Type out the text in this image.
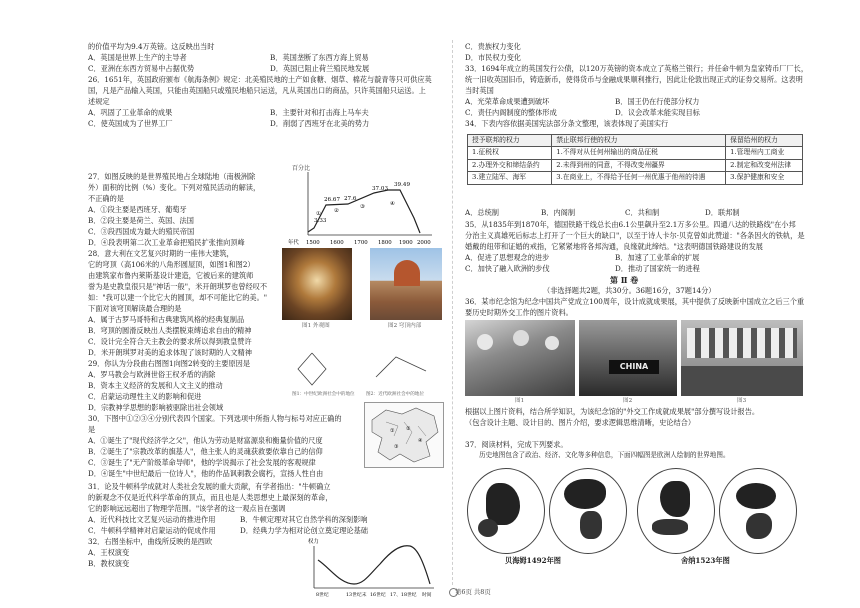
的价值平均为9.4万英镑。这反映出当时
A．英国是世界上生产的主导者	B．英国垄断了东西方海上贸易
C．亚洲在东西方贸易中占据优势	D．英国已阻止荷兰殖民地发展
26．1651年，英国政府颁布《航海条例》规定：北美殖民地的土产如食糖、烟草、棉花与靛青等只可供应英
国，凡是产品输入英国，只能由英国船只或殖民地船只运送，凡从英国出口的商品，只许英国船只运送。上
述规定
A．巩固了工业革命的成果	B．主要针对和打击海上马车夫
C．使英国成为了世界工厂	D．削弱了西班牙在北美的势力
27．如图反映的是世界殖民地占全球陆地（南极洲除
外）面积的比例（%）变化。下列对殖民活动的解读，
不正确的是
A．①段主要是西班牙、葡萄牙
B．②段主要是荷兰、英国、法国
C．③段西国成为最大的殖民帝国
D．④段表明第二次工业革命把殖民扩张推向顶峰
百分比
3.33
26.67 27.6
37.03
39.49
① ②
③	④
年代 1500 1600 1700 1800 1900 2000
28．意大利在文艺复兴时期的一座伟大建筑，
它的穹顶（高106米的八角形圆屋顶，如图1和图2）
由建筑家布鲁内莱斯基设计建造，它被后来的建筑师
誉为是史教皇很只是"神话一般"，米开朗琪罗也曾经叹不
如："我可以建一个比它大的圆顶，却不可能比它的美。"
下面对该穹顶解读最合理的是
A．属于古罗马哥特和古典建筑风格的经典复制品
B．穹顶的圆滑反映出人类摆脱束缚追求自由的精神
C．设计完全符合天主教会的要求所以得到教皇赞许
D．米开朗琪罗对美的追求体现了该时期的人文精神
图1 外观图	图2 穹顶内部
29．你认为分段曲右图图1向图2转变的主要原因是
A．罗马教会与欧洲世俗王权矛盾的消除
B．资本主义经济的发展和人文主义的推动
C．启蒙运动理性主义的影响和促进
D．宗教神学思想的影响被驱除出社会领域
图1：中世纪欧洲社会中的地位 图2：近代欧洲社会中的地位
30．下图中①②③④分别代表四个国家。下列选项中所指人物与标号对应正确的
是
A．①诞生了"现代经济学之父"，他认为劳动是财富源泉和衡量价值的尺度
B．②诞生了"宗教改革的旗基人"，他主张人的灵魂获救要依靠自己的信仰
C．③诞生了"无产阶级革命导师"，他的学说揭示了社会发展的客观规律
D．④诞生"中世纪最后一位诗人"，他的作品讽刺教会腐朽，宣扬人性自由
① ②
③
④
31．论及牛顿科学成就对人类社会发展的重大贡献，有学者指出："牛顿确立
的新观念不仅是近代科学革命的顶点，而且也是人类思想史上最深刻的革命，
它的影响远远超出了物理学范围。"该学者的这一观点旨在强调
A．近代科技比文艺复兴运动的推进作用	B．牛顿定理对其它自然学科的深刻影响
C．牛顿科学精神对启蒙运动的促成作用	D．经典力学为相对论创立奠定理论基础
32．右图坐标中，曲线所反映的是西欧
A．王权演变
B．教权演变
权力
8世纪	13世纪末 16世纪 17、18世纪 时间
C．贵族权力变化
D．市民权力变化
33．1694年成立的英国发行公债，以120万英镑的资本成立了英格兰银行；并任命牛顿为皇家铸币厂厂长，
统一旧收英国旧币，铸造新币，使得货币与金融成果顺利推行，因此让伦敦出现正式的证券交易所。这表明
当时英国
A．光荣革命成果遭到破坏	B．国王仍在行使部分权力
C．责任内阁制度的整体形成	D．议会改革未能实现目标
34．下表内容依据美国宪法部分条文整理，该表体现了美国实行
授予联邦的权力	禁止联邦行使的权力	保留给州的权力
1.征税权	1.不得对从任何州输出的商品征税	1.管理州内工商业
2.办理外交和缔结条约	2.未得到州的同意，不得改变州疆界	2.制定和改变州法律
3.建立陆军、海军	3.在商业上，不得给予任何一州优惠于他州的待遇	3.保护健康和安全
A．总统制	B．内阁制	C．共和制	D．联邦制
35．从1835年到1870年，德国铁路干线总长由6.1公里飙升至2.1万多公里。四通八达的铁路线"在小邦
分治主义真雄死后标志上打开了一个巨大的缺口"，以至于诗人卡尔·贝克曾如此赞道："各条因火的铁轨，是
婚戴的纽带和证婚的戒指，它紧紧地将各邦沟通，良缘就此缔结。"这表明德国铁路建设的发展
A．促进了思想观念的进步	B．加速了工业革命的扩展
C．加快了融入欧洲的步伐	D．推动了国家统一的进程
第 Ⅱ 卷
（非选择题共2题，共30分。36题16分，37题14分）
36．某市纪念馆为纪念中国共产党成立100周年，设计成就成果展，其中提供了反映新中国成立之后三个重
要历史时期外交工作的图片资料。
CHINA
图1	图2	图3
根据以上图片资料，结合所学知识，为该纪念馆的"外交工作成就成果展"部分撰写设计报告。
（包含设计主题、设计目的、图片介绍，要求逻辑思维清晰，史论结合）
37．阅读材料，完成下列要求。
历史地图包含了政治、经济、文化等多种信息，下面四幅图是欧洲人绘制的世界地图。
贝海姆1492年图	舍纳1523年图
第6页 共8页
